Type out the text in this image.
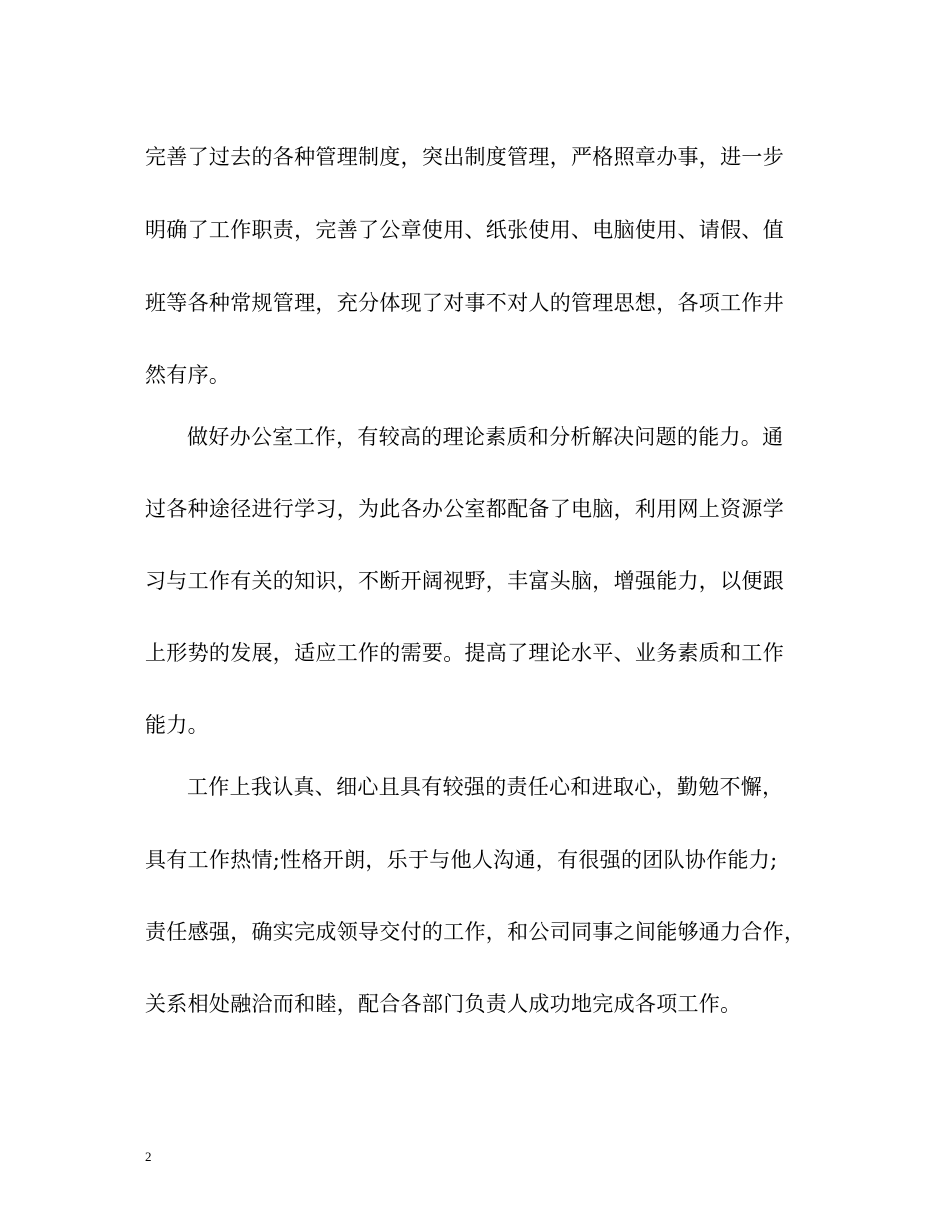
完善了过去的各种管理制度，突出制度管理，严格照章办事，进一步
明确了工作职责，完善了公章使用、纸张使用、电脑使用、请假、值
班等各种常规管理，充分体现了对事不对人的管理思想，各项工作井
然有序。
做好办公室工作，有较高的理论素质和分析解决问题的能力。通
过各种途径进行学习，为此各办公室都配备了电脑，利用网上资源学
习与工作有关的知识，不断开阔视野，丰富头脑，增强能力，以便跟
上形势的发展，适应工作的需要。提高了理论水平、业务素质和工作
能力。
工作上我认真、细心且具有较强的责任心和进取心，勤勉不懈，
具有工作热情;性格开朗，乐于与他人沟通，有很强的团队协作能力;
责任感强，确实完成领导交付的工作，和公司同事之间能够通力合作，
关系相处融洽而和睦，配合各部门负责人成功地完成各项工作。
2
